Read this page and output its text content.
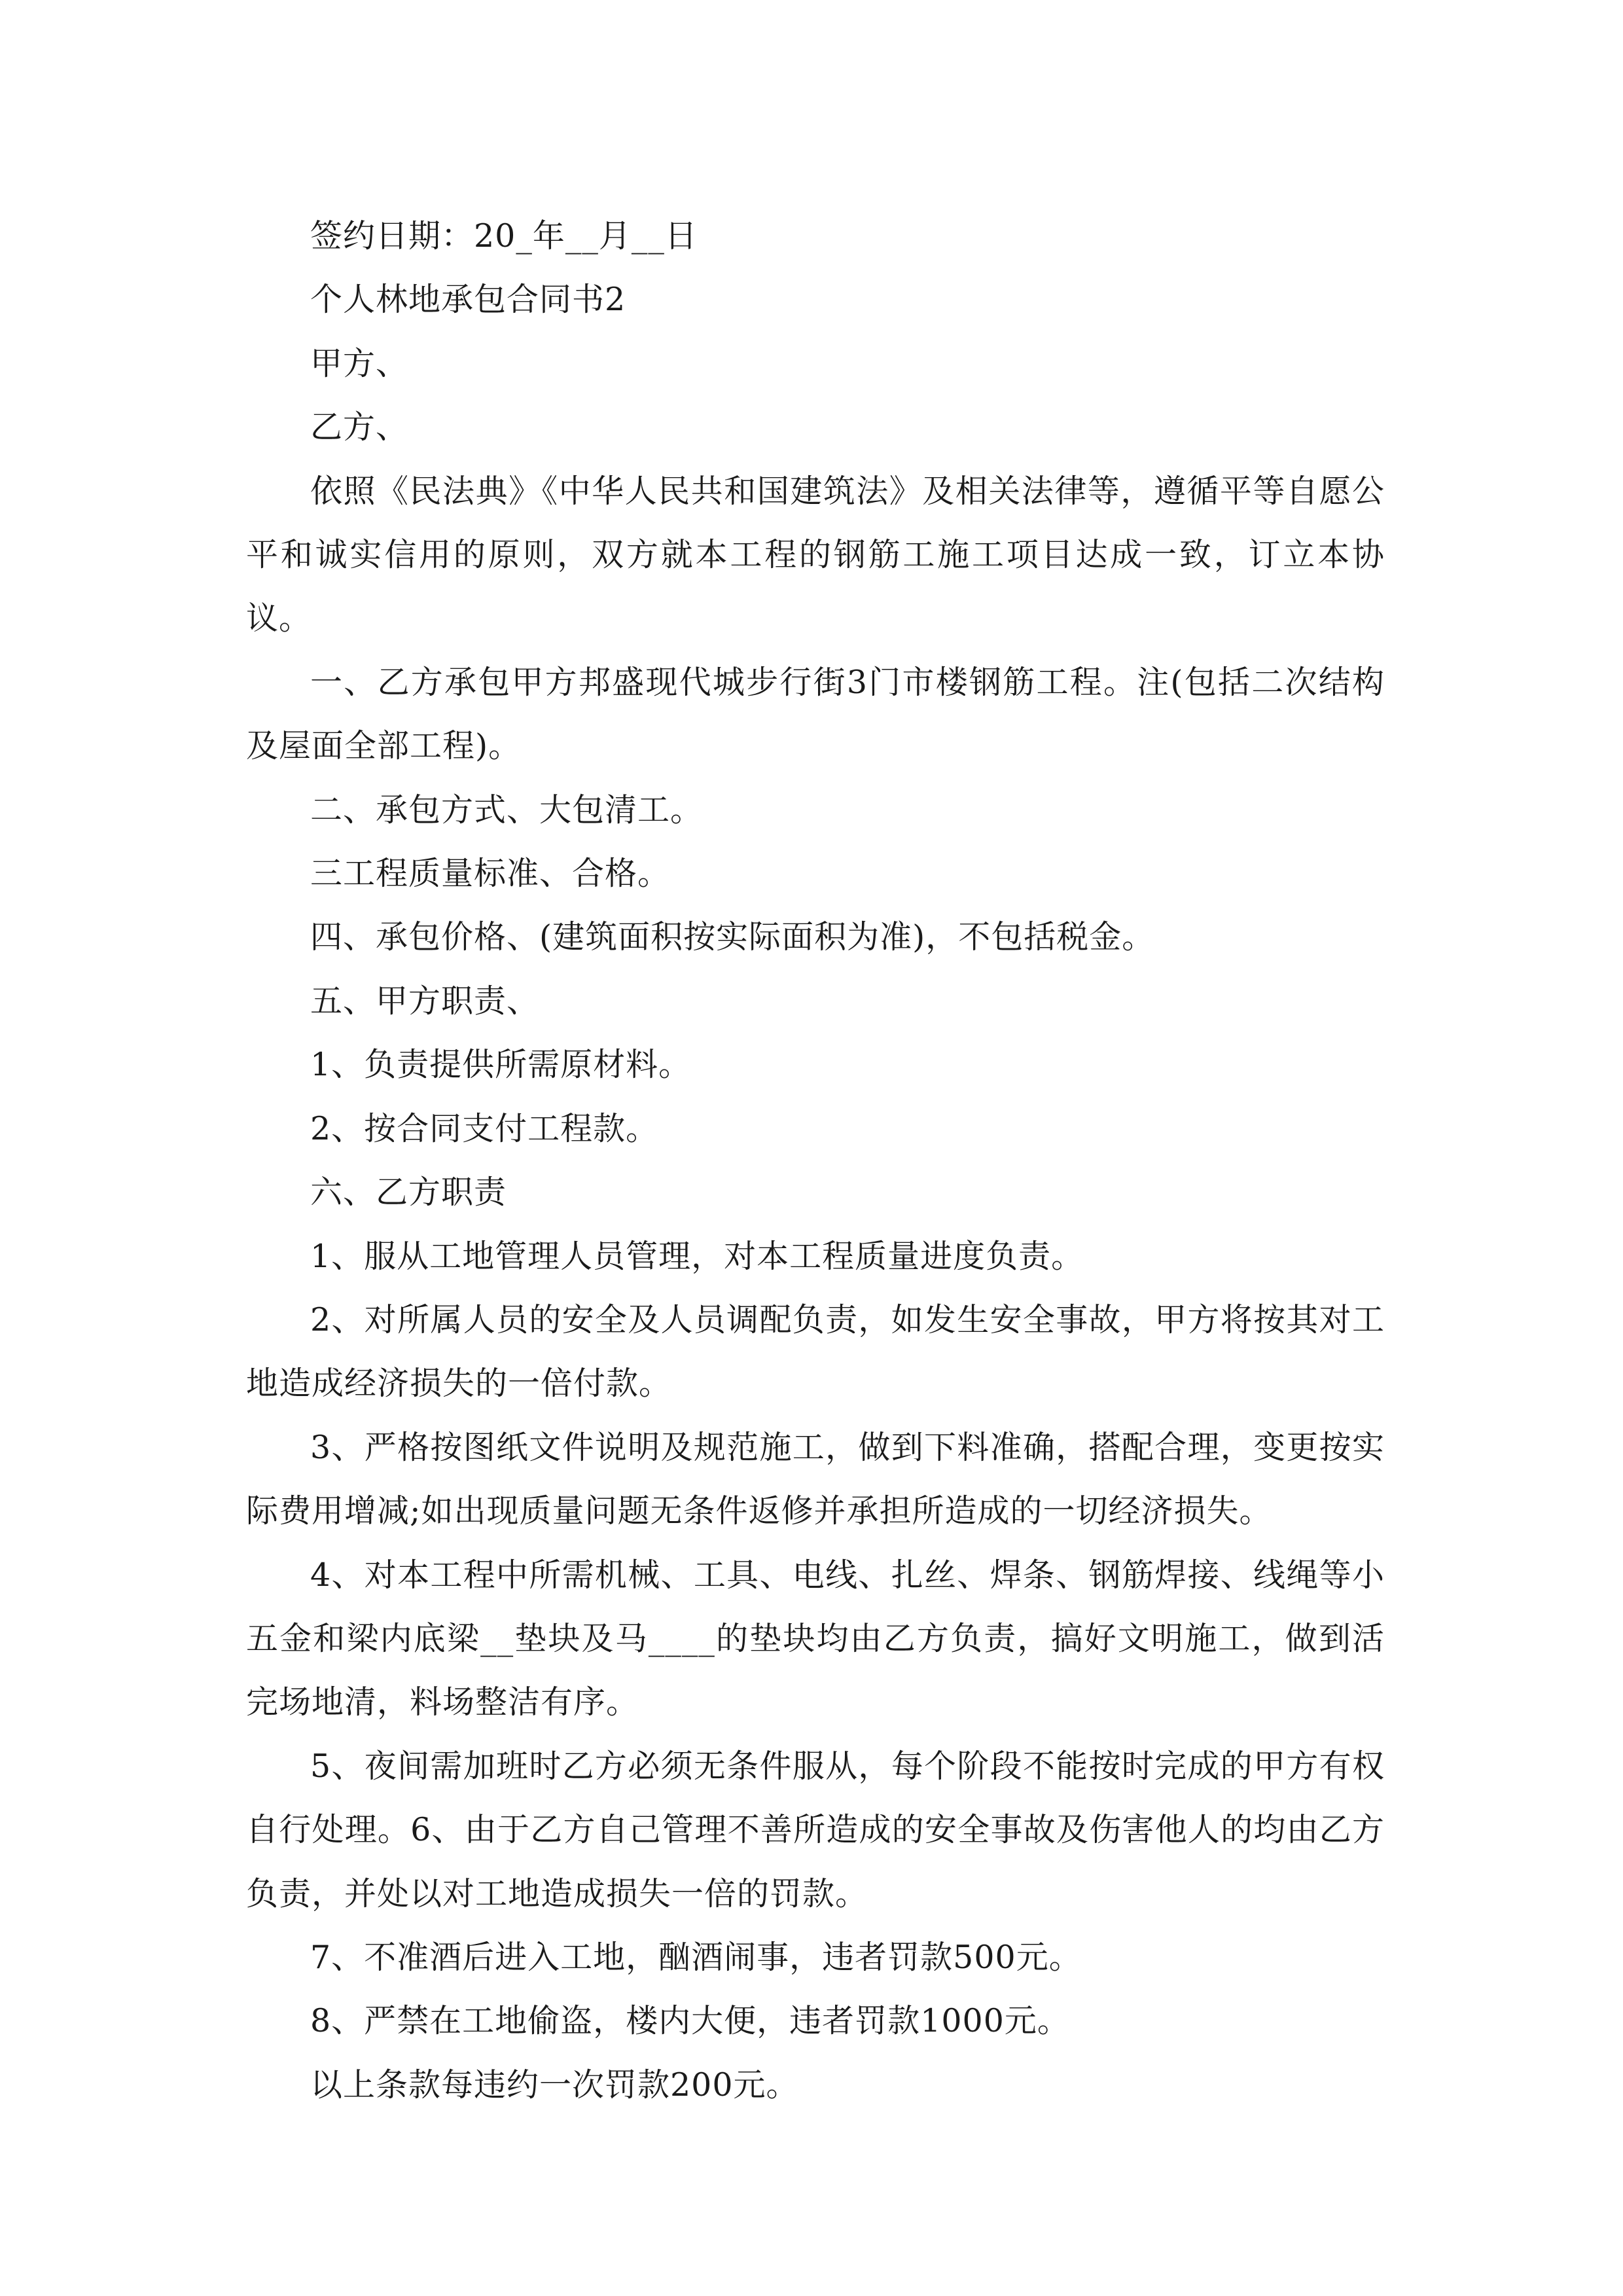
签约日期：20_年__月__日

个人林地承包合同书2

甲方、

乙方、

依照《民法典》《中华人民共和国建筑法》及相关法律等，遵循平等自愿公平和诚实信用的原则，双方就本工程的钢筋工施工项目达成一致，订立本协议。

一、乙方承包甲方邦盛现代城步行街3门市楼钢筋工程。注(包括二次结构及屋面全部工程)。

二、承包方式、大包清工。

三工程质量标准、合格。

四、承包价格、(建筑面积按实际面积为准)，不包括税金。

五、甲方职责、

1、负责提供所需原材料。

2、按合同支付工程款。

六、乙方职责

1、服从工地管理人员管理，对本工程质量进度负责。

2、对所属人员的安全及人员调配负责，如发生安全事故，甲方将按其对工地造成经济损失的一倍付款。

3、严格按图纸文件说明及规范施工，做到下料准确，搭配合理，变更按实际费用增减;如出现质量问题无条件返修并承担所造成的一切经济损失。

4、对本工程中所需机械、工具、电线、扎丝、焊条、钢筋焊接、线绳等小五金和梁内底梁__垫块及马____的垫块均由乙方负责，搞好文明施工，做到活完场地清，料场整洁有序。

5、夜间需加班时乙方必须无条件服从，每个阶段不能按时完成的甲方有权自行处理。6、由于乙方自己管理不善所造成的安全事故及伤害他人的均由乙方负责，并处以对工地造成损失一倍的罚款。

7、不准酒后进入工地，酗酒闹事，违者罚款500元。

8、严禁在工地偷盗，楼内大便，违者罚款1000元。

以上条款每违约一次罚款200元。
